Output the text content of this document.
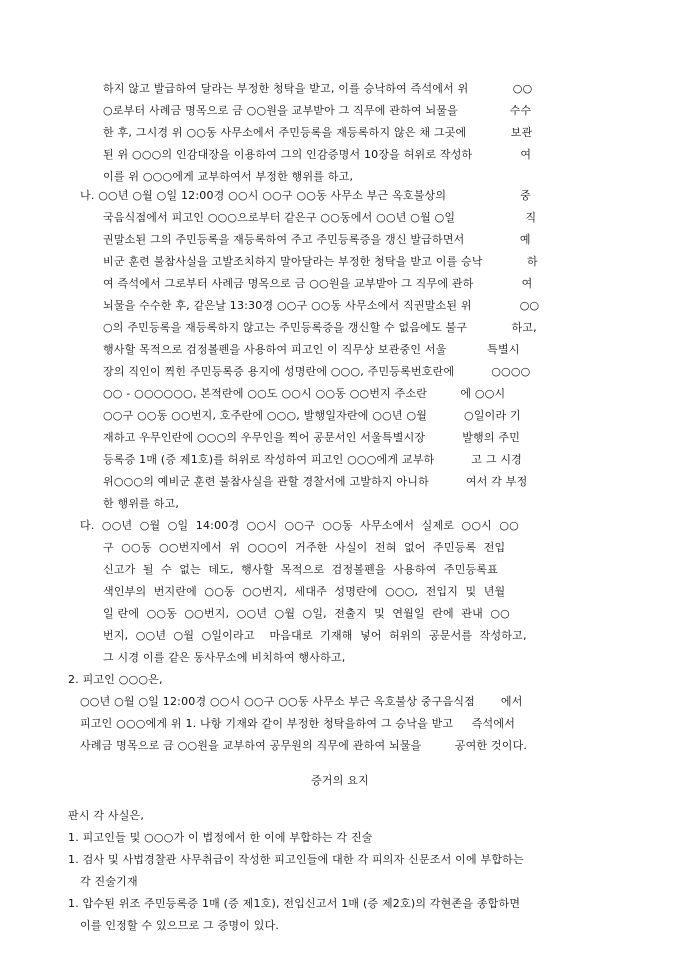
하지 않고 발급하여 달라는 부정한 청탁을 받고, 이를 승낙하여 즉석에서 위            ○○
○로부터 사례금 명목으로 금 ○○원을 교부받아 그 직무에 관하여 뇌물을              수수
한 후, 그시경 위 ○○동 사무소에서 주민등록을 재등록하지 않은 채 그곳에            보관
된 위 ○○○의 인감대장을 이용하여 그의 인감증명서 10장을 허위로 작성하             여
이를 위 ○○○에게 교부하여서 부정한 행위를 하고,
나. ○○년 ○월 ○일 12:00경 ○○시 ○○구 ○○동 사무소 부근 옥호불상의                    중
국음식점에서 피고인 ○○○으로부터 같은구 ○○동에서 ○○년 ○월 ○일                   직
권말소된 그의 주민등록을 재등록하여 주고 주민등록증을 갱신 발급하면서               예
비군 훈련 불참사실을 고발조치하지 말아달라는 부정한 청탁을 받고 이를 승낙            하
여 즉석에서 그로부터 사례금 명목으로 금 ○○원을 교부받아 그 직무에 관하             여
뇌물을 수수한 후, 같은날 13:30경 ○○구 ○○동 사무소에서 직권말소된 위             ○○
○의 주민등록을 재등록하지 않고는 주민등록증을 갱신할 수 없음에도 불구            하고,
행사할 목적으로 검정볼펜을 사용하여 피고인 이 직무상 보관중인 서울           특별시
장의 직인이 찍힌 주민등록증 용지에 성명란에 ○○○, 주민등록번호란에          ○○○○
○○ - ○○○○○○, 본적란에 ○○도 ○○시 ○○동 ○○번지 주소란         에 ○○시
○○구 ○○동 ○○번지, 호주란에 ○○○, 발행일자란에 ○○년 ○월          ○일이라 기
재하고 우무인란에 ○○○의 우무인을 찍어 공문서인 서울특별시장          발행의 주민
등록증 1매 (증 제1호)를 허위로 작성하여 피고인 ○○○에게 교부하          고 그 시경
위○○○의 예비군 훈련 불참사실을 관할 경찰서에 고발하지 아니하          여서 각 부정
한 행위를 하고,
다.  ○○년  ○월  ○일  14:00경  ○○시  ○○구  ○○동  사무소에서  실제로  ○○시  ○○
구  ○○동  ○○번지에서  위  ○○○이  거주한  사실이  전혀  없어  주민등록  전입
신고가  될  수  없는  데도,  행사할  목적으로  검정볼펜을  사용하여  주민등록표
색인부의  번지란에  ○○동  ○○번지,  세대주  성명란에  ○○○,  전입지  및  년월
일 란에  ○○동  ○○번지,  ○○년  ○월  ○일,  전출지  및  연월일  란에  관내  ○○
번지,  ○○년  ○월  ○일이라고    마음대로  기재해  넣어  허위의  공문서를  작성하고,
그 시경 이를 같은 동사무소에 비치하여 행사하고,
2. 피고인 ○○○은,
○○년 ○월 ○일 12:00경 ○○시 ○○구 ○○동 사무소 부근 옥호불상 중구음식점       에서
피고인 ○○○에게 위 1. 나항 기재와 같이 부정한 청탁을하여 그 승낙을 받고     즉석에서
사례금 명목으로 금 ○○원을 교부하여 공무원의 직무에 관하여 뇌물을         공여한 것이다.
증거의 요지
판시 각 사실은,
1. 피고인들 및 ○○○가 이 법정에서 한 이에 부합하는 각 진술
1. 검사 및 사법경찰관 사무취급이 작성한 피고인들에 대한 각 피의자 신문조서 이에 부합하는
각 진술기재
1. 압수된 위조 주민등록증 1매 (증 제1호), 전입신고서 1매 (증 제2호)의 각현존을 종합하면
이를 인정할 수 있으므로 그 증명이 있다.
